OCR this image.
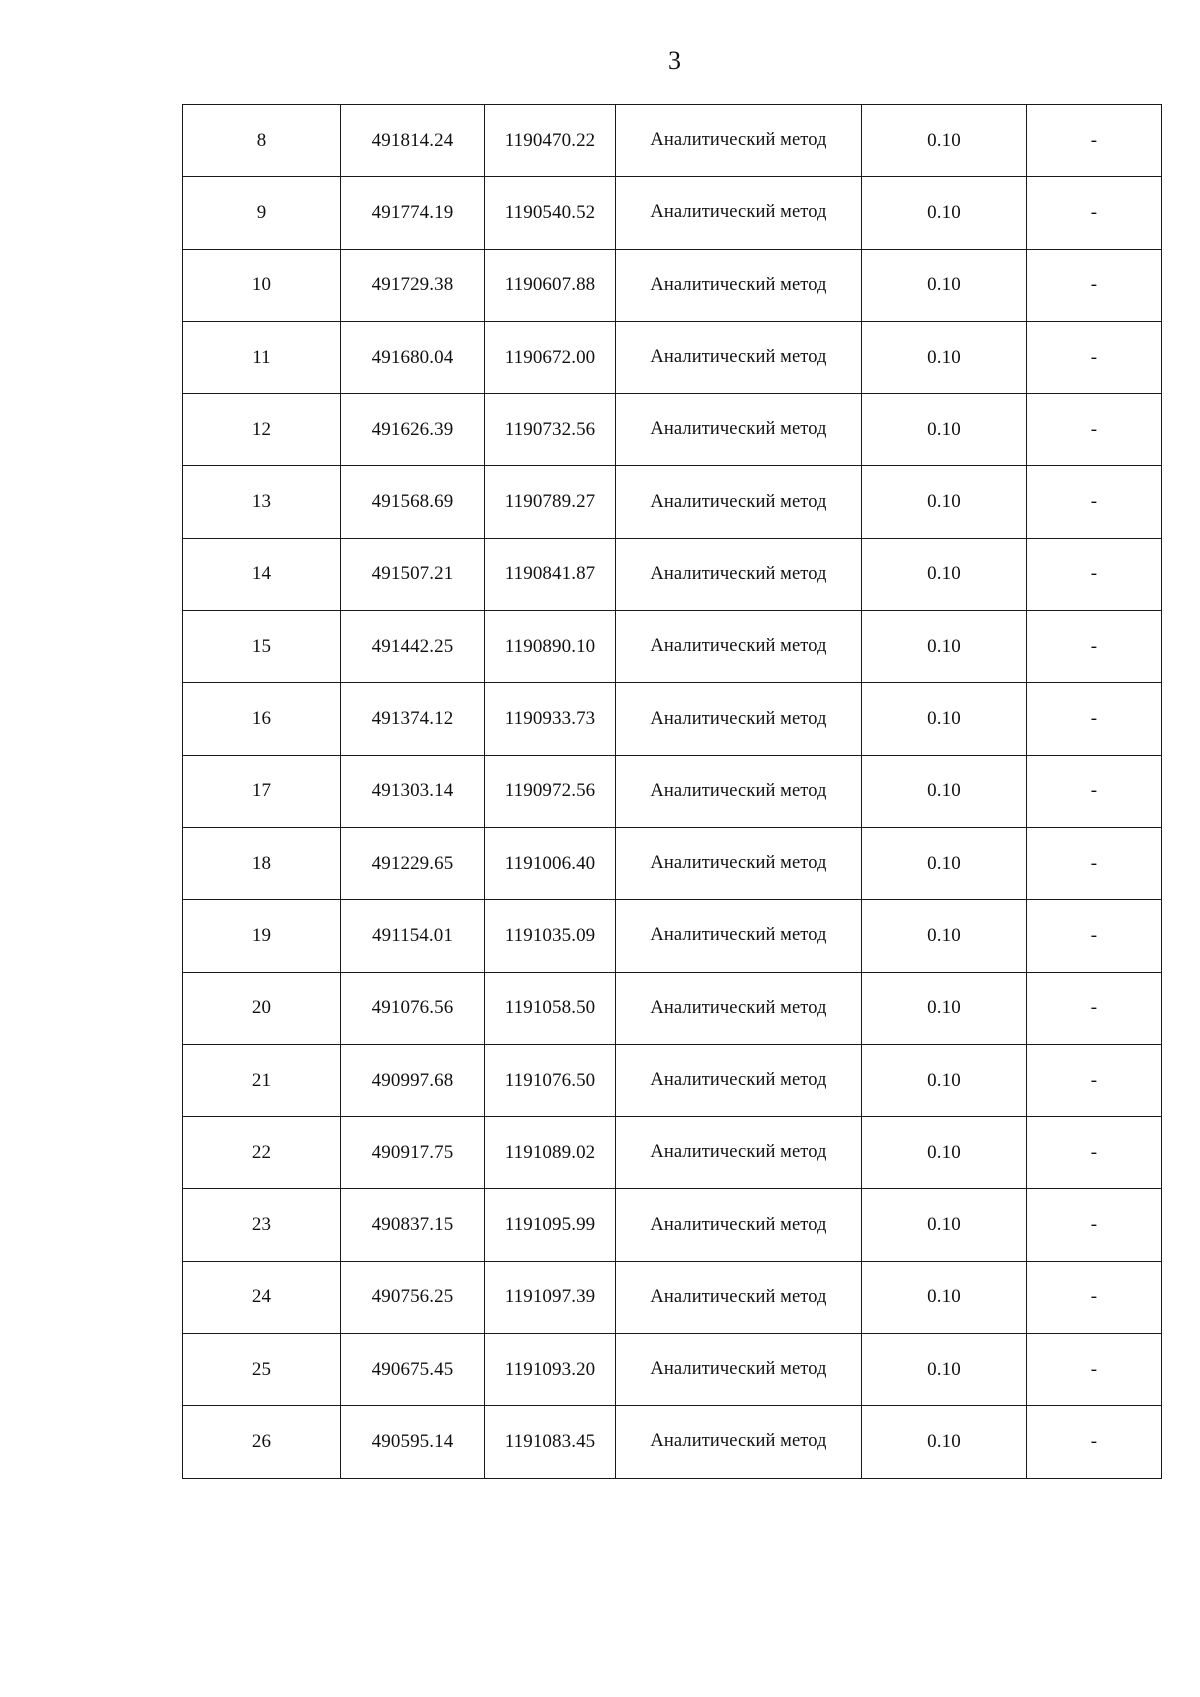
3
8	491814.24	1190470.22	Аналитический метод	0.10	-
9	491774.19	1190540.52	Аналитический метод	0.10	-
10	491729.38	1190607.88	Аналитический метод	0.10	-
11	491680.04	1190672.00	Аналитический метод	0.10	-
12	491626.39	1190732.56	Аналитический метод	0.10	-
13	491568.69	1190789.27	Аналитический метод	0.10	-
14	491507.21	1190841.87	Аналитический метод	0.10	-
15	491442.25	1190890.10	Аналитический метод	0.10	-
16	491374.12	1190933.73	Аналитический метод	0.10	-
17	491303.14	1190972.56	Аналитический метод	0.10	-
18	491229.65	1191006.40	Аналитический метод	0.10	-
19	491154.01	1191035.09	Аналитический метод	0.10	-
20	491076.56	1191058.50	Аналитический метод	0.10	-
21	490997.68	1191076.50	Аналитический метод	0.10	-
22	490917.75	1191089.02	Аналитический метод	0.10	-
23	490837.15	1191095.99	Аналитический метод	0.10	-
24	490756.25	1191097.39	Аналитический метод	0.10	-
25	490675.45	1191093.20	Аналитический метод	0.10	-
26	490595.14	1191083.45	Аналитический метод	0.10	-
